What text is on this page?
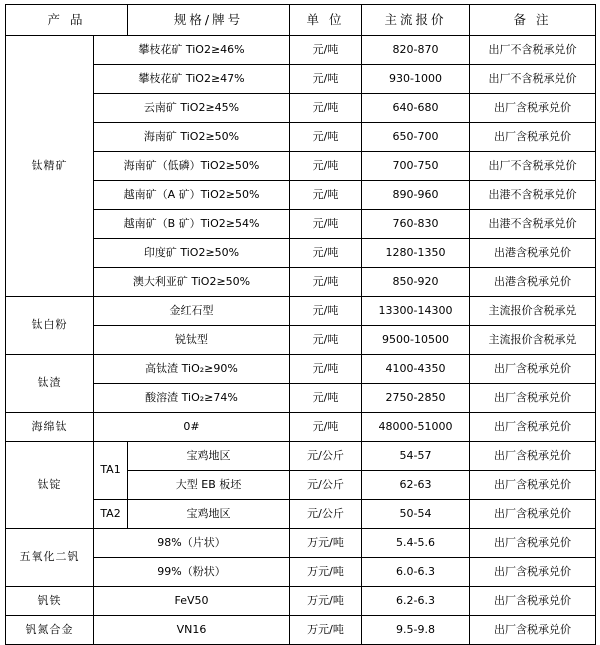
产 品		规格/牌号	单 位	主流报价	备 注
钛精矿	攀枝花矿 TiO2≥46%		元/吨	820-870	出厂不含税承兑价
	攀枝花矿 TiO2≥47%		元/吨	930-1000	出厂不含税承兑价
	云南矿 TiO2≥45%		元/吨	640-680	出厂含税承兑价
	海南矿 TiO2≥50%		元/吨	650-700	出厂含税承兑价
	海南矿（低磷）TiO2≥50%		元/吨	700-750	出厂不含税承兑价
	越南矿（A 矿）TiO2≥50%		元/吨	890-960	出港不含税承兑价
	越南矿（B 矿）TiO2≥54%		元/吨	760-830	出港不含税承兑价
	印度矿 TiO2≥50%		元/吨	1280-1350	出港含税承兑价
	澳大利亚矿 TiO2≥50%		元/吨	850-920	出港含税承兑价
钛白粉	金红石型		元/吨	13300-14300	主流报价含税承兑
	锐钛型		元/吨	9500-10500	主流报价含税承兑
钛渣	高钛渣 TiO₂≥90%		元/吨	4100-4350	出厂含税承兑价
	酸溶渣 TiO₂≥74%		元/吨	2750-2850	出厂含税承兑价
海绵钛	0#		元/吨	48000-51000	出厂含税承兑价
钛锭	TA1	宝鸡地区	元/公斤	54-57	出厂含税承兑价
		大型 EB 板坯	元/公斤	62-63	出厂含税承兑价
	TA2	宝鸡地区	元/公斤	50-54	出厂含税承兑价
五氧化二钒	98%（片状）		万元/吨	5.4-5.6	出厂含税承兑价
	99%（粉状）		万元/吨	6.0-6.3	出厂含税承兑价
钒铁	FeV50		万元/吨	6.2-6.3	出厂含税承兑价
钒氮合金	VN16		万元/吨	9.5-9.8	出厂含税承兑价
